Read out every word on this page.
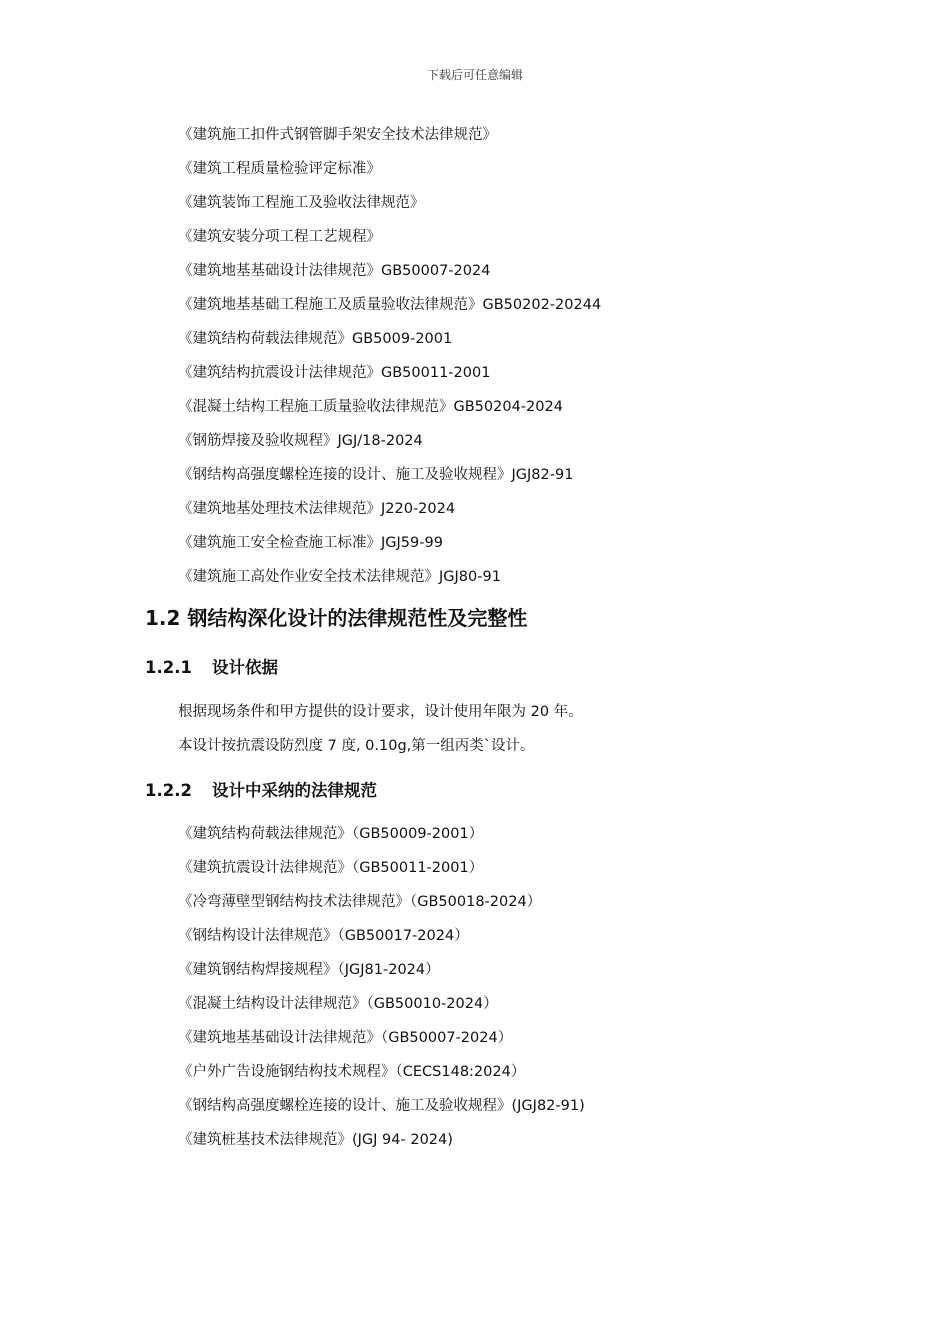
下载后可任意编辑
《建筑施工扣件式钢管脚手架安全技术法律规范》
《建筑工程质量检验评定标准》
《建筑装饰工程施工及验收法律规范》
《建筑安装分项工程工艺规程》
《建筑地基基础设计法律规范》GB50007-2024
《建筑地基基础工程施工及质量验收法律规范》GB50202-20244
《建筑结构荷载法律规范》GB5009-2001
《建筑结构抗震设计法律规范》GB50011-2001
《混凝土结构工程施工质量验收法律规范》GB50204-2024
《钢筋焊接及验收规程》JGJ/18-2024
《钢结构高强度螺栓连接的设计、施工及验收规程》JGJ82-91
《建筑地基处理技术法律规范》J220-2024
《建筑施工安全检查施工标准》JGJ59-99
《建筑施工高处作业安全技术法律规范》JGJ80-91
1.2 钢结构深化设计的法律规范性及完整性
1.2.1 设计依据
根据现场条件和甲方提供的设计要求，设计使用年限为 20 年。
本设计按抗震设防烈度 7 度, 0.10g,第一组丙类`设计。
1.2.2 设计中采纳的法律规范
《建筑结构荷载法律规范》（GB50009-2001）
《建筑抗震设计法律规范》（GB50011-2001）
《冷弯薄壁型钢结构技术法律规范》（GB50018-2024）
《钢结构设计法律规范》（GB50017-2024）
《建筑钢结构焊接规程》（JGJ81-2024）
《混凝土结构设计法律规范》（GB50010-2024）
《建筑地基基础设计法律规范》（GB50007-2024）
《户外广告设施钢结构技术规程》（CECS148:2024）
《钢结构高强度螺栓连接的设计、施工及验收规程》(JGJ82-91)
《建筑桩基技术法律规范》(JGJ 94- 2024)
